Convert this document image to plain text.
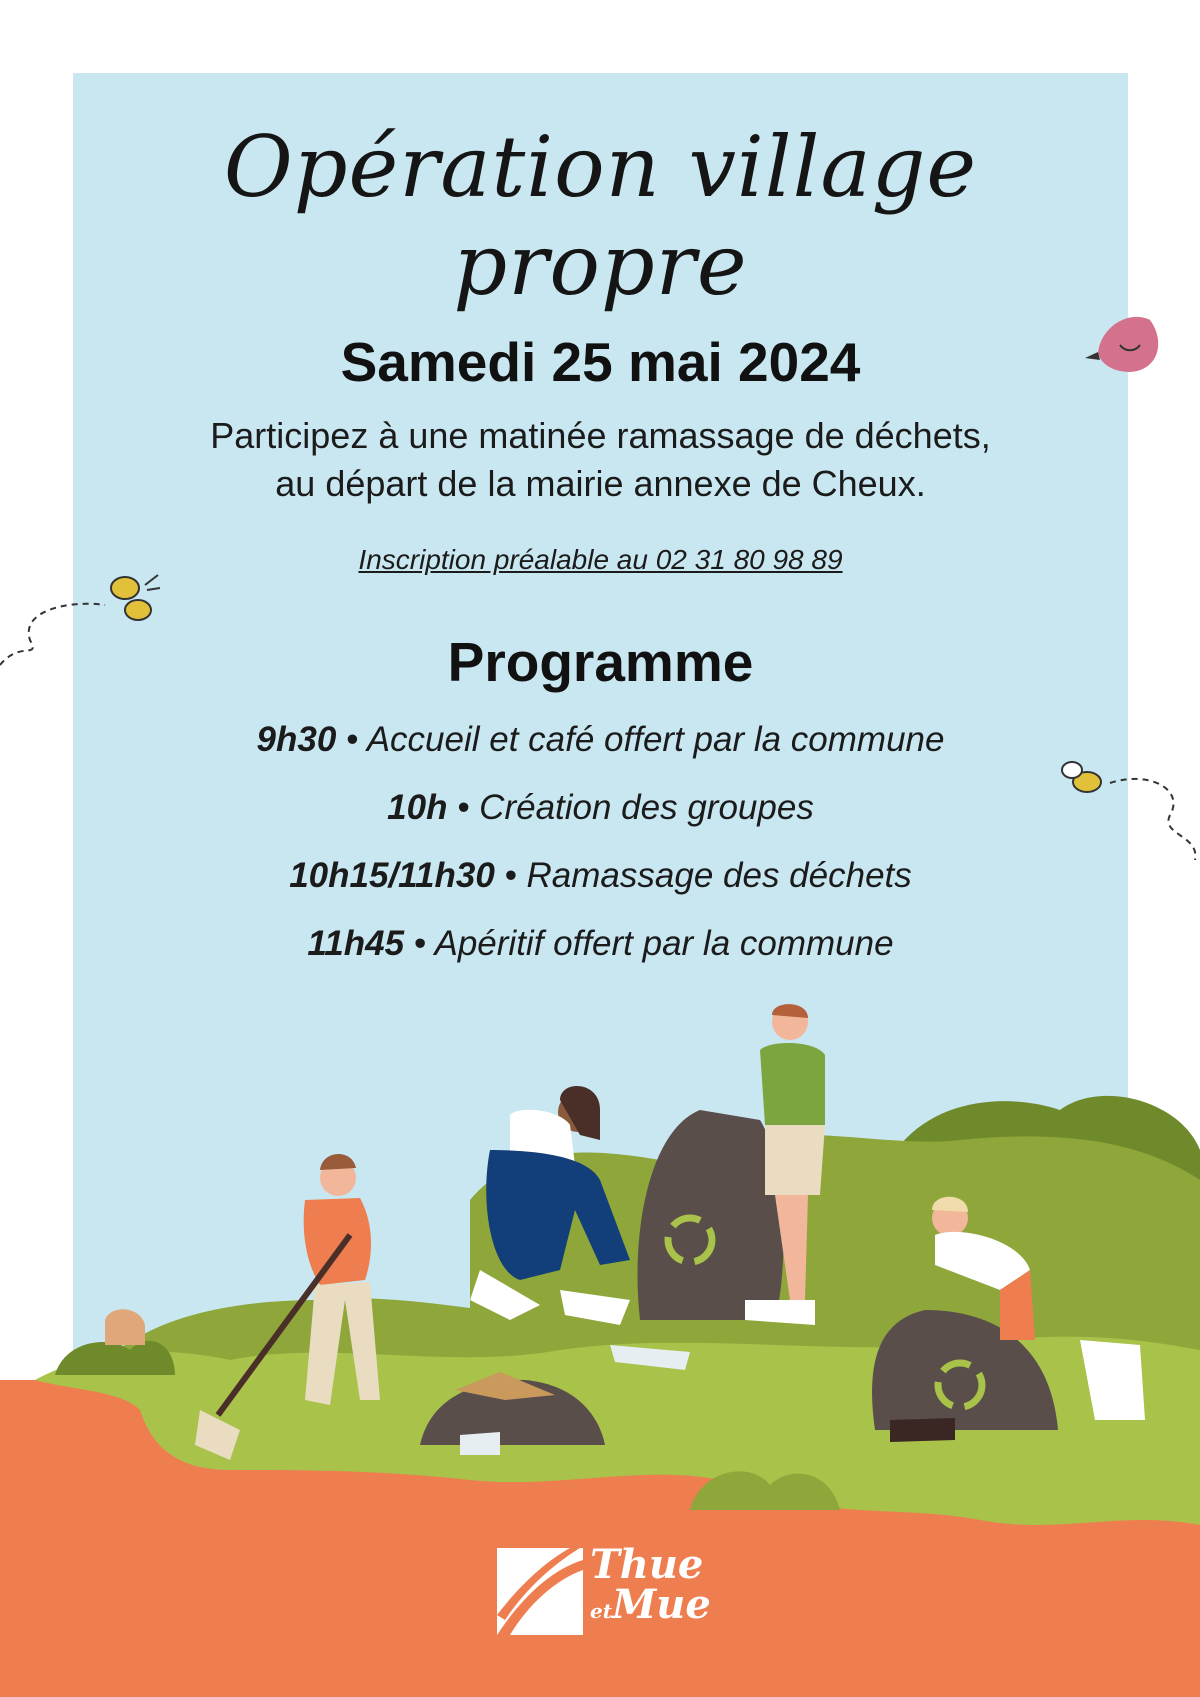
Opération village propre
Samedi 25 mai 2024
Participez à une matinée ramassage de déchets,
au départ de la mairie annexe de Cheux.
Inscription préalable au 02 31 80 98 89
Programme
9h30 • Accueil et café offert par la commune
10h • Création des groupes
10h15/11h30 • Ramassage des déchets
11h45 • Apéritif offert par la commune
Thue
etMue
